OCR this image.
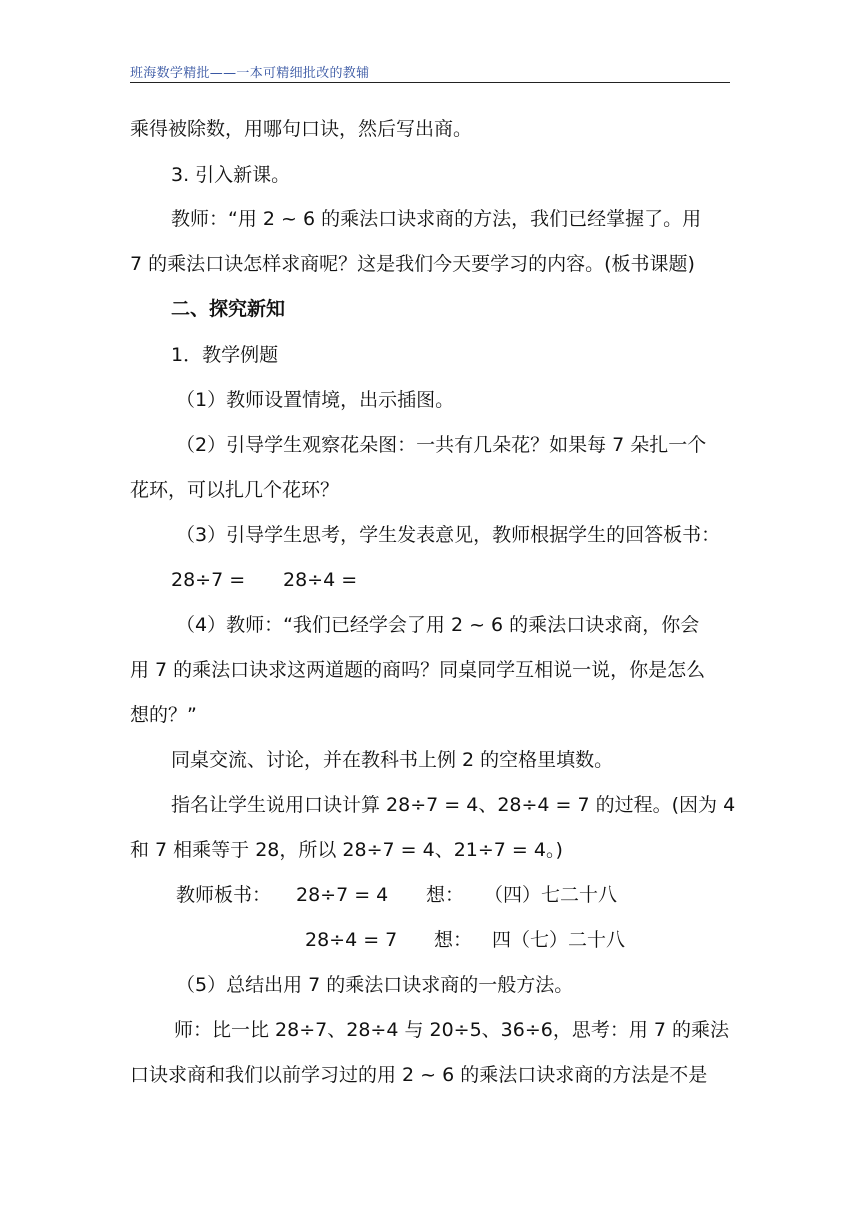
班海数学精批——一本可精细批改的教辅
乘得被除数，用哪句口诀，然后写出商。
3. 引入新课。
教师：“用 2 ~ 6 的乘法口诀求商的方法，我们已经掌握了。用
7 的乘法口诀怎样求商呢？这是我们今天要学习的内容。(板书课题)
二、探究新知
1．教学例题
（1）教师设置情境，出示插图。
（2）引导学生观察花朵图：一共有几朵花？如果每 7 朵扎一个
花环，可以扎几个花环？
（3）引导学生思考，学生发表意见，教师根据学生的回答板书：
28÷7 = 28÷4 =
（4）教师：“我们已经学会了用 2 ~ 6 的乘法口诀求商，你会
用 7 的乘法口诀求这两道题的商吗？同桌同学互相说一说，你是怎么
想的？”
同桌交流、讨论，并在教科书上例 2 的空格里填数。
指名让学生说用口诀计算 28÷7 = 4、28÷4 = 7 的过程。(因为 4
和 7 相乘等于 28，所以 28÷7 = 4、21÷7 = 4。)
教师板书： 28÷7 = 4 想： （四）七二十八
28÷4 = 7 想： 四（七）二十八
（5）总结出用 7 的乘法口诀求商的一般方法。
师：比一比 28÷7、28÷4 与 20÷5、36÷6，思考：用 7 的乘法
口诀求商和我们以前学习过的用 2 ~ 6 的乘法口诀求商的方法是不是
